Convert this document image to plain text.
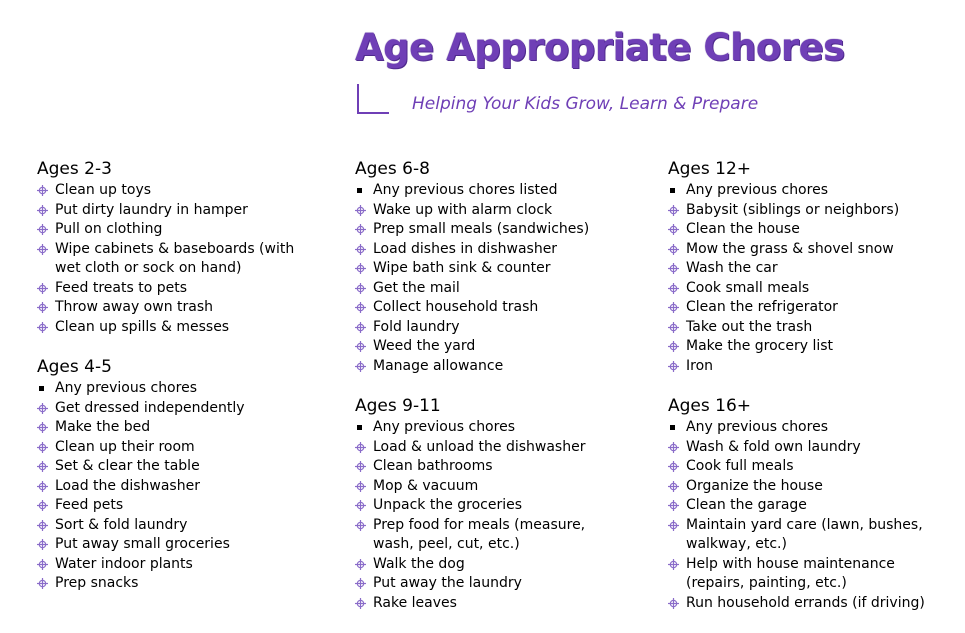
Age Appropriate Chores
Helping Your Kids Grow, Learn & Prepare
Ages 2-3
Clean up toys
Put dirty laundry in hamper
Pull on clothing
Wipe cabinets & baseboards (with wet cloth or sock on hand)
Feed treats to pets
Throw away own trash
Clean up spills & messes
Ages 4-5
Any previous chores
Get dressed independently
Make the bed
Clean up their room
Set & clear the table
Load the dishwasher
Feed pets
Sort & fold laundry
Put away small groceries
Water indoor plants
Prep snacks
Ages 6-8
Any previous chores listed
Wake up with alarm clock
Prep small meals (sandwiches)
Load dishes in dishwasher
Wipe bath sink & counter
Get the mail
Collect household trash
Fold laundry
Weed the yard
Manage allowance
Ages 9-11
Any previous chores
Load & unload the dishwasher
Clean bathrooms
Mop & vacuum
Unpack the groceries
Prep food for meals (measure, wash, peel, cut, etc.)
Walk the dog
Put away the laundry
Rake leaves
Ages 12+
Any previous chores
Babysit (siblings or neighbors)
Clean the house
Mow the grass & shovel snow
Wash the car
Cook small meals
Clean the refrigerator
Take out the trash
Make the grocery list
Iron
Ages 16+
Any previous chores
Wash & fold own laundry
Cook full meals
Organize the house
Clean the garage
Maintain yard care (lawn, bushes, walkway, etc.)
Help with house maintenance (repairs, painting, etc.)
Run household errands (if driving)
